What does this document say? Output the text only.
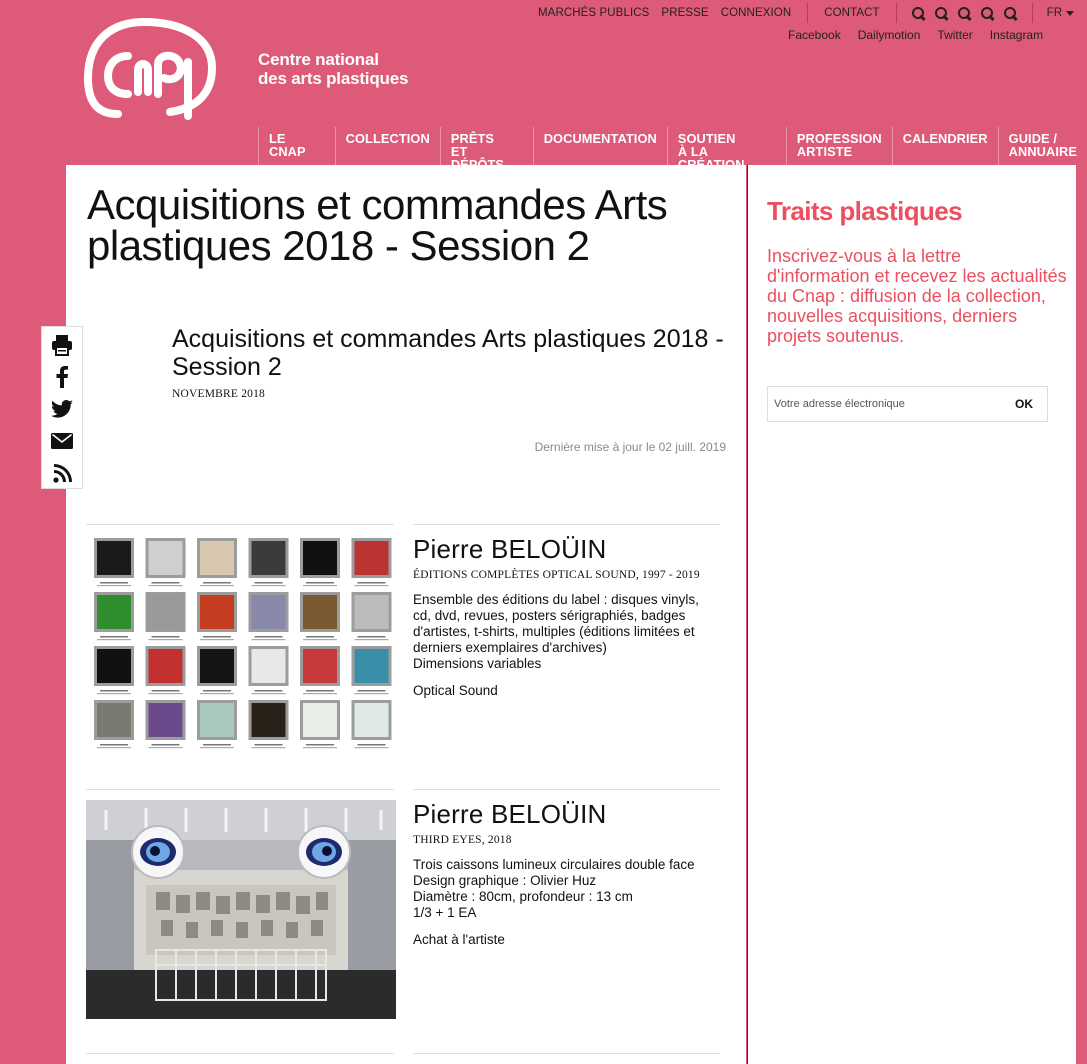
Centre national
des arts plastiques
MARCHÉS PUBLICS	PRESSE	CONNEXION	CONTACT	FR
Facebook	Dailymotion	Twitter	Instagram
LE CNAP
COLLECTION	PRÊTS
ET
DOCUMENTATION	SOUTIEN
À LA
PROFESSION
ARTISTE
CALENDRIER	GUIDE /
ANNUAIRE
Acquisitions et commandes Arts plastiques 2018 - Session 2
Acquisitions et commandes Arts plastiques 2018 - Session 2
NOVEMBRE 2018
Dernière mise à jour le 02 juill. 2019
Pierre BELOÜIN
ÉDITIONS COMPLÈTES OPTICAL SOUND, 1997 - 2019
Ensemble des éditions du label : disques vinyls, cd, dvd, revues, posters sérigraphiés, badges d'artistes, t-shirts, multiples (éditions limitées et derniers exemplaires d'archives)
Dimensions variables
Optical Sound
Pierre BELOÜIN
THIRD EYES, 2018
Trois caissons lumineux circulaires double face
Design graphique : Olivier Huz
Diamètre : 80cm, profondeur : 13 cm
1/3 + 1 EA
Achat à l'artiste
Traits plastiques
Inscrivez-vous à la lettre d'information et recevez les actualités du Cnap : diffusion de la collection, nouvelles acquisitions, derniers projets soutenus.
Votre adresse électronique
OK
